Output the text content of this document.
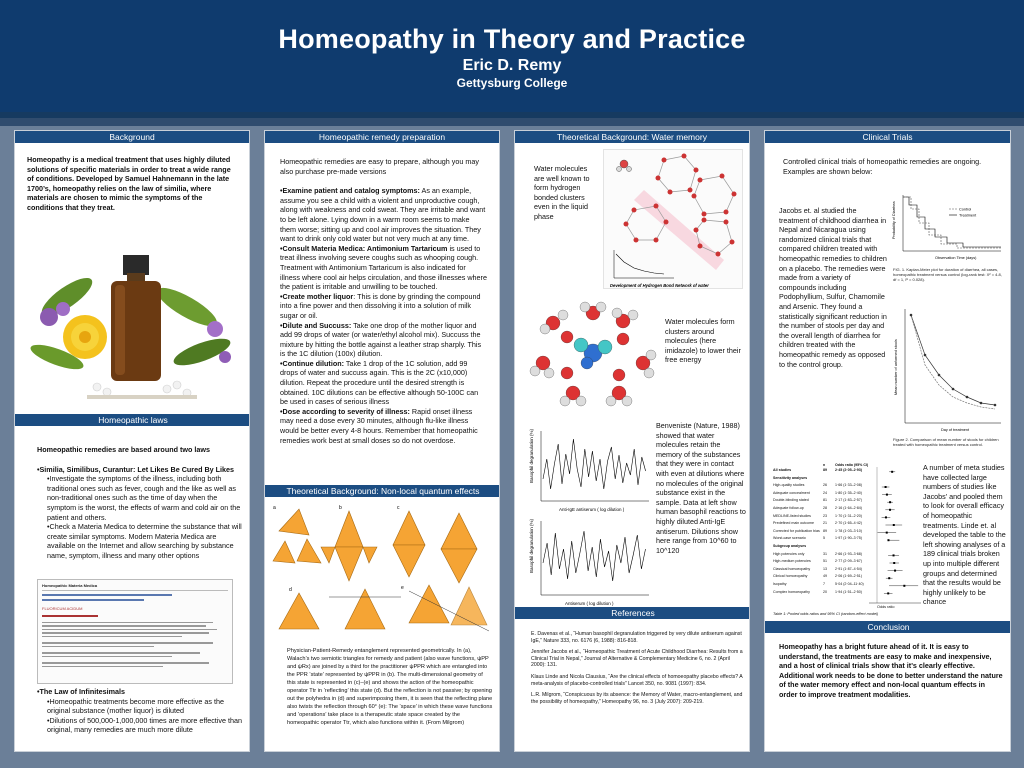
Homeopathy in Theory and Practice
Eric D. Remy
Gettysburg College
Background
Homeopathy is a medical treatment that uses highly diluted solutions of specific materials in order to treat a wide range of conditions. Developed by Samuel Hahnemann in the late 1700’s, homeopathy relies on the law of similia, where materials are chosen to mimic the symptoms of the conditions that they treat.
Homeopathic laws

Homeopathic remedies are based around two laws

•Similia, Similibus, Curantur: Let Likes Be Cured By Likes

•Investigate the symptoms of the illness, including both traditional ones such as fever, cough and the like as well as non-traditional ones such as the time of day when the symptom is the worst, the effects of warm and cold air on the patient and others.

•Check a Materia Medica to determine the substance that will create similar symptoms. Modern Materia Medica are available on the Internet and allow searching by substance name, symptom, illness and many other options

Homeopathic Materia Medica
FLUORICUM ACIDUM

•The Law of Infinitesimals

•Homeopathic treatments become more effective as the original substance (mother liquor) is diluted

•Dilutions of 500,000-1,000,000 times are more effective than original, many remedies are much more dilute

Homeopathic remedy preparation

Homeopathic remedies are easy to prepare, although you may also purchase pre-made versions

•Examine patient and catalog symptoms: As an example, assume you see a child with a violent and unproductive cough, along with weakness and cold sweat. They are irritable and want to be left alone. Lying down in a warm room seems to make them worse; sitting up and cool air improves the situation. They want to drink only cold water but not very much at any time.

•Consult Materia Medica: Antimonium Tartaricum is used to treat illness involving severe coughs such as whooping cough. Treatment with Antimonium Tartaricum is also indicated for illness where cool air helps circulation, and those illnesses where the patient is irritable and unwilling to be touched.

•Create mother liquor: This is done by grinding the compound into a fine power and then dissolving it into a solution of milk sugar or oil.

•Dilute and Succuss: Take one drop of the mother liquor and add 99 drops of water (or water/ethyl alcohol mix). Succuss the mixture by hitting the bottle against a leather strap sharply. This is the 1C dilution (100x) dilution.

•Continue dilution: Take 1 drop of the 1C solution, add 99 drops of water and succuss again. This is the 2C (x10,000) dilution. Repeat the procedure until the desired strength is obtained. 10C dilutions can be effective although 50-100C can be used in cases of serious illness

•Dose according to severity of illness: Rapid onset illness may need a dose every 30 minutes, although flu-like illness would be better every 4-8 hours. Remember that homeopathic remedies work best at small doses so do not overdose.

Theoretical Background: Non-local quantum effects
a	b	c
d	e
Physician-Patient-Remedy entanglement represented geometrically. In (a), Walach’s two semiotic triangles for remedy and patient (also wave functions, ψPP and ψRx) are joined by a third for the practitioner ψPPR which are entangled into the PPR ‘state’ represented by ψPPR in (b). The multi-dimensional geometry of this state is represented in (c)–(e) and shows the action of the homeopathic operator Ttr in ‘reflecting’ this state (d). But the reflection is not passive; by opening out the polyhedra in (d) and superimposing them, it is seen that the reflecting plane also twists the reflection through 60° (e): The ‘space’ in which these wave functions and ‘operations’ take place is a therapeutic state space created by the homeopathic operator Ttr, which also functions within it. (From Milgrom)
Theoretical Background: Water memory
Water molecules are well known to form hydrogen bonded clusters even in the liquid phase
Development of Hydrogen Bond Network of water
Water molecules form clusters around molecules (here imidazole) to lower their free energy
Basophil degranulation (%)
Anti-IgE antiserum ( log dilution )
Basophil degranulation (%)
Antiserum ( log dilution )
Benveniste (Nature, 1988) showed that water molecules retain the memory of the substances that they were in contact with even at dilutions where no molecules of the original substance exist in the sample. Data at left show human basophil reactions to highly diluted Anti-IgE antiserum. Dilutions show here range from 10^60 to 10^120
References

E. Davenas et al., “Human basophil degranulation triggered by very dilute antiserum against IgE,” Nature 333, no. 6176 (6, 1988): 816-818.

Jennifer Jacobs et al., “Homeopathic Treatment of Acute Childhood Diarrhea: Results from a Clinical Trial in Nepal,” Journal of Alternative & Complementary Medicine 6, no. 2 (April 2000): 131.

Klaus Linde and Nicola Clausius, “Are the clinical effects of homoeopathy placebo effects? A meta-analysis of placebo-controlled trials” Lancet 350, no. 9081 (1997): 834.

L.R. Milgrom, “Conspicuous by its absence: the Memory of Water, macro-entanglement, and the possibility of homeopathy,” Homeopathy 96, no. 3 (July 2007): 209-219.

Clinical Trials
Controlled clinical trials of homeopathic remedies are ongoing. Examples are shown below:
Jacobs et. al studied the treatment of childhood diarrhea in Nepal and Nicaragua using randomized clinical trials that compared children treated with homeopathic remedies to children on a placebo. The remedies were made from a variety of compounds including Podophyllium, Sulfur, Chamomile and Arsenic. They found a statistically significant reduction in the number of stools per day and the overall length of diarrhea for children treated with the homeopathic remedy as opposed to the control group.
Probability of Diarrhea	Control
Treatment
Observation Time (days)
FIG. 1. Kaplan-Meier plot for duration of diarrhea, all cases, homeopathic treatment versus control (log-rank test: X² = 4.8, df = 1, P = 0.028).
Mean number of unformed stools
Day of treatment
Figure 2. Comparison of mean number of stools for children treated with homeopathic treatment versus control.
n	Odds ratio (95% CI)
All studies	89	2·45 (2·05–2·93)
Sensitivity analyses
High-quality studies	26	1·66 (1·33–2·08)
Adequate concealment	24	1·80 (1·35–2·40)
Double-blinding stated	81	2·17 (1·83–2·57)
Adequate follow-up	28	2·16 (1·64–2·84)
MEDLINE-listed studies	23	1·70 (1·31–2·20)
Predefined main outcome	21	2·70 (1·65–4·42)
Corrected for publication bias 89	1·78 (1·03–3·10)
Worst-case scenario	5	1·97 (1·90–3·75)
Subgroup analyses
High potencies only	31	2·66 (1·93–3·68)
High-medium potencies	51	2·77 (2·09–3·67)
Classical homoeopathy	13	2·91 (1·87–4·54)
Clinical homoeopathy	49	2·06 (1·69–2·51)
Isopathy	7	5·04 (2·04–11·40)
Complex homoeopathy	20	1·94 (1·51–2·50)
Odds ratio
Table 1: Pooled odds ratios and 95% CI (random-effect model)
A number of meta studies have collected large numbers of studies like Jacobs’ and pooled them to look for overall efficacy of homeopathic treatments. Linde et. al developed the table to the left showing analyses of a 189 clinical trials broken up into multiple different groups and determined that the results would be highly unlikely to be chance
Conclusion
Homeopathy has a bright future ahead of it. It is easy to understand, the treatments are easy to make and inexpensive, and a host of clinical trials show that it's clearly effective. Additional work needs to be done to better understand the nature of the water memory effect and non-local quantum effects in order to improve treatment modalities.
